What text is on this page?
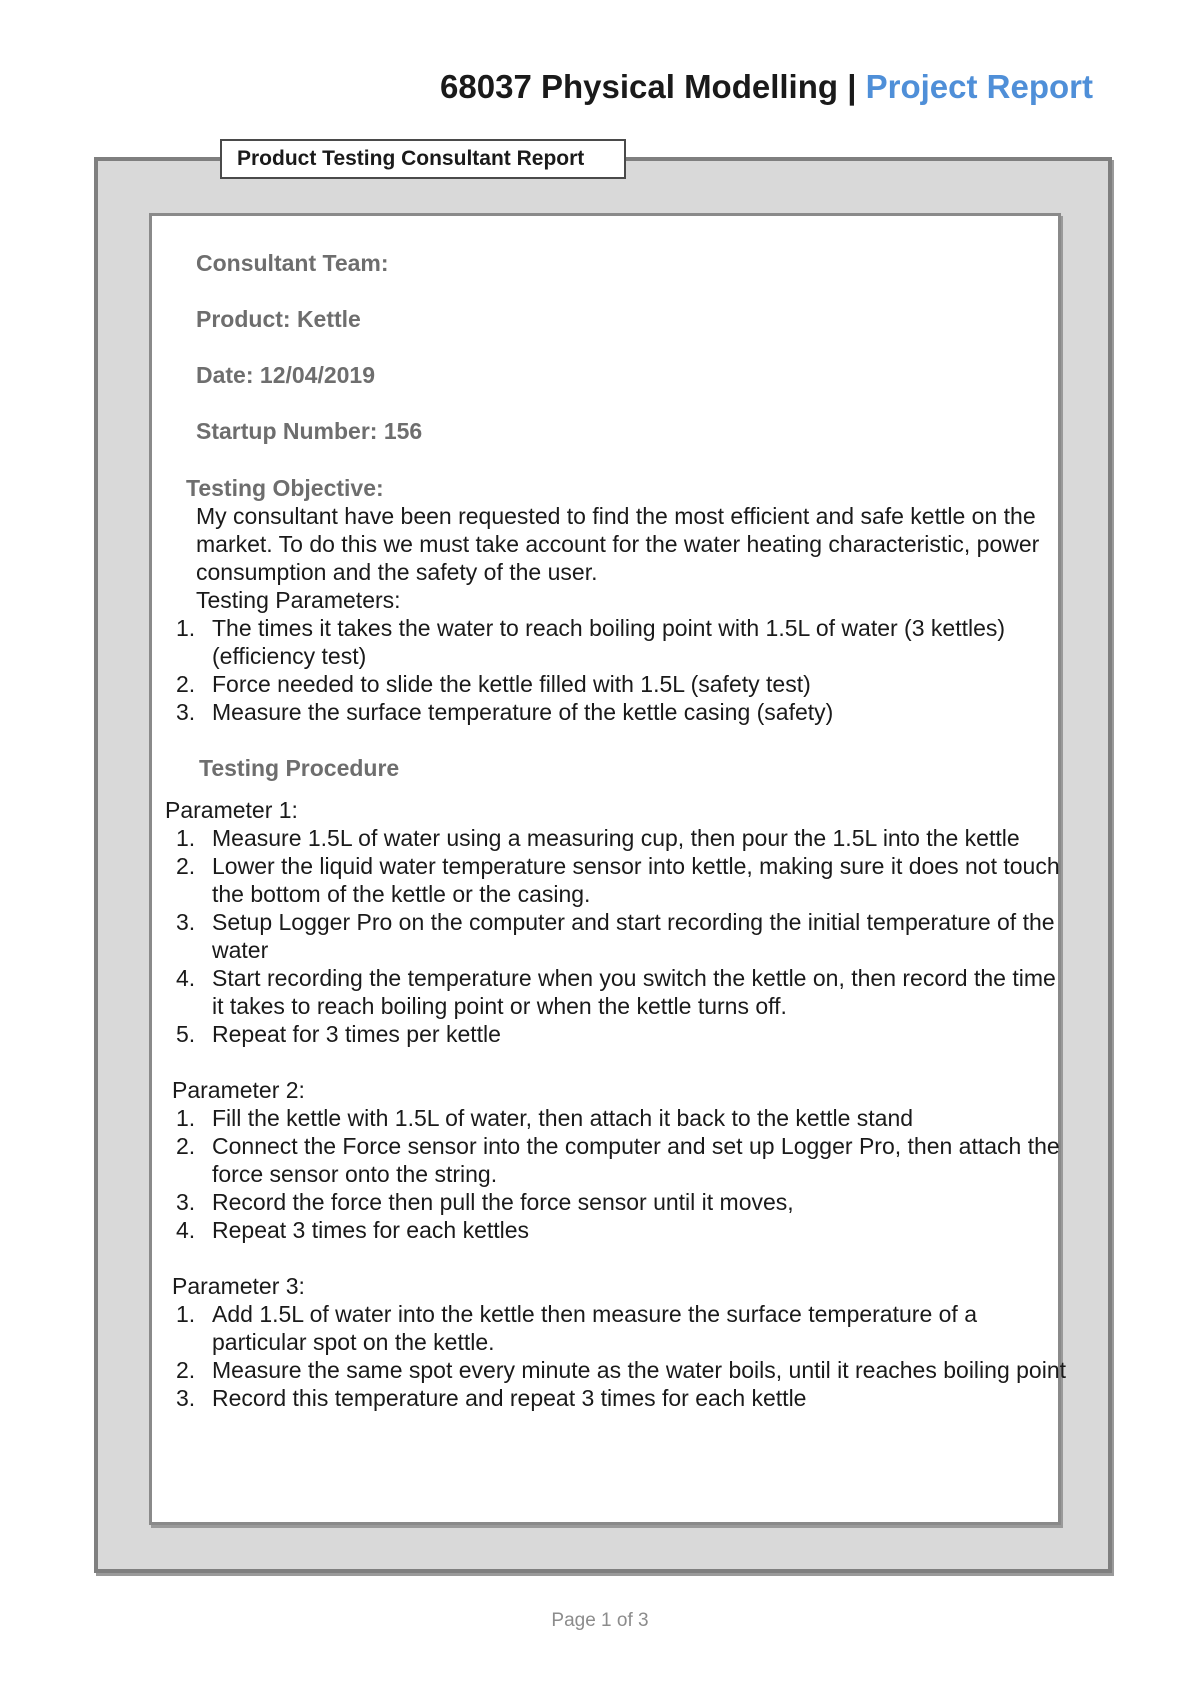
68037 Physical Modelling | Project Report
Product Testing Consultant Report
Consultant Team:
Product: Kettle
Date: 12/04/2019
Startup Number: 156
Testing Objective:

My consultant have been requested to find the most efficient and safe kettle on the market. To do this we must take account for the water heating characteristic, power consumption and the safety of the user.

Testing Parameters:
1. The times it takes the water to reach boiling point with 1.5L of water (3 kettles) (efficiency test)
2. Force needed to slide the kettle filled with 1.5L (safety test)
3. Measure the surface temperature of the kettle casing (safety)
Testing Procedure
Parameter 1:
1. Measure 1.5L of water using a measuring cup, then pour the 1.5L into the kettle
2. Lower the liquid water temperature sensor into kettle, making sure it does not touch the bottom of the kettle or the casing.
3. Setup Logger Pro on the computer and start recording the initial temperature of the water
4. Start recording the temperature when you switch the kettle on, then record the time it takes to reach boiling point or when the kettle turns off.
5. Repeat for 3 times per kettle
Parameter 2:
1. Fill the kettle with 1.5L of water, then attach it back to the kettle stand
2. Connect the Force sensor into the computer and set up Logger Pro, then attach the force sensor onto the string.
3. Record the force then pull the force sensor until it moves,
4. Repeat 3 times for each kettles
Parameter 3:
1. Add 1.5L of water into the kettle then measure the surface temperature of a particular spot on the kettle.
2. Measure the same spot every minute as the water boils, until it reaches boiling point
3. Record this temperature and repeat 3 times for each kettle
Page 1 of 3
